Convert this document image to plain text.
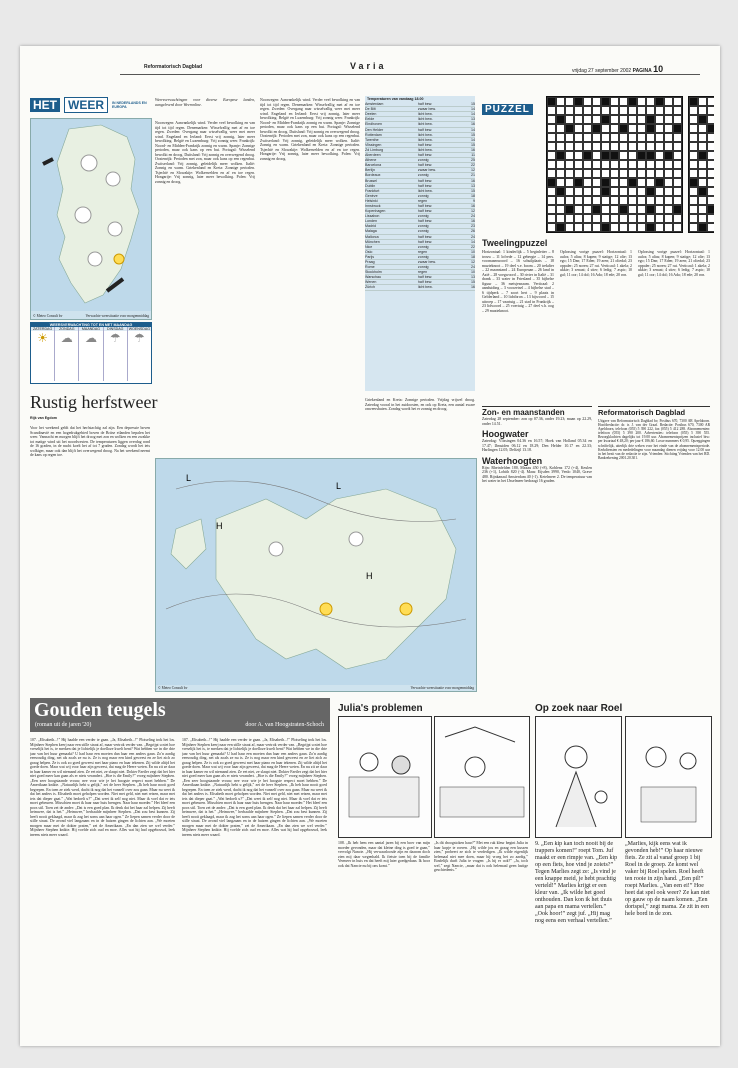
Reformatorisch Dagblad	Varia	vrijdag 27 september 2002 PAGINA 10
HET WEER IN NEDERLANDS EN EUROPA
© Meteo Consult bv	Verwachte weersituatie voor morgenmiddag
WEERSVERWACHTING TOT EN MET MAANDAG
ZATERDAG
☀
ZONDAG
☁
MAANDAG
☁
DINSDAG
☂
WOENSDAG
☂
Rustig herfstweer
Rijk van Egdom
Voor het weekend geldt dat het herfstachtig zal zijn. Een depressie boven Scandinavië en een hogedrukgebied boven de Britse eilanden bepalen het weer. Vannacht en morgen blijft het droog met zon en wolken en een zwakke tot matige wind uit het noordwesten. De temperaturen liggen overdag rond de 16 graden, in de nacht koelt het af tot 7 graden. Zondag wordt het iets wolkiger, maar ook dan blijft het overwegend droog. Na het weekend neemt de kans op regen toe.
Weersverwachtingen voor diverse Europese landen, aangeleverd door Weeronline.
Noorwegen: Aanvankelijk wind. Verder veel bewolking en van tijd tot tijd regen. Denemarken: Wisselvallig met af en toe regen. Zweden: Overgang naar wisselvallig weer met meer wind. Engeland en Ierland: Eerst vrij zonnig, later meer bewolking. België en Luxemburg: Vrij zonnig weer. Frankrijk: Noord- en Midden-Frankrijk zonnig en warm. Spanje: Zonnige perioden, maar ook kans op een bui. Portugal: Wisselend bewolkt en droog. Duitsland: Vrij zonnig en overwegend droog. Oostenrijk: Perioden met zon, maar ook kans op een regenbui. Zwitserland: Vrij zonnig, geleidelijk meer wolken. Italië: Zonnig en warm. Griekenland en Kreta: Zonnige perioden. Tsjechië en Slowakije: Wolkenvelden en af en toe regen. Hongarije: Vrij zonnig, later meer bewolking. Polen: Vrij zonnig en droog.
Noorwegen: Aanvankelijk wind. Verder veel bewolking en van tijd tot tijd regen. Denemarken: Wisselvallig met af en toe regen. Zweden: Overgang naar wisselvallig weer met meer wind. Engeland en Ierland: Eerst vrij zonnig, later meer bewolking. België en Luxemburg: Vrij zonnig weer. Frankrijk: Noord- en Midden-Frankrijk zonnig en warm. Spanje: Zonnige perioden, maar ook kans op een bui. Portugal: Wisselend bewolkt en droog. Duitsland: Vrij zonnig en overwegend droog. Oostenrijk: Perioden met zon, maar ook kans op een regenbui. Zwitserland: Vrij zonnig, geleidelijk meer wolken. Italië: Zonnig en warm. Griekenland en Kreta: Zonnige perioden. Tsjechië en Slowakije: Wolkenvelden en af en toe regen. Hongarije: Vrij zonnig, later meer bewolking. Polen: Vrij zonnig en droog.
Temperaturen van vandaag 18.00
Amsterdam	half bew.	15
De Bilt	zwaar bew.	14
Deelen	licht bew.	14
Eelde	licht bew.	13
Eindhoven	licht bew.	16
Den Helder	half bew.	14
Rotterdam	licht bew.	15
Twenthe	licht bew.	14
Vlissingen	half bew.	15
Zd Limburg	licht bew.	16
Aberdeen	half bew.	11
Athene	zonnig	25
Barcelona	half bew.	22
Berlijn	zwaar bew.	12
Bordeaux	zonnig	21
Brussel	half bew.	16
Dublin	half bew.	13
Frankfurt	licht bew.	15
Genève	zonnig	18
Helsinki	regen	9
Innsbruck	half bew.	16
Kopenhagen	half bew.	12
Lissabon	zonnig	24
Londen	half bew.	16
Madrid	zonnig	23
Malaga	zonnig	26
Mallorca	half bew.	24
München	half bew.	14
Nice	zonnig	22
Oslo	regen	10
Parijs	zonnig	18
Praag	zwaar bew.	12
Rome	zonnig	24
Stockholm	regen	10
Warschau	half bew.	13
Wenen	half bew.	15
Zürich	licht bew.	16
Griekenland en Kreta: Zonnige perioden. Vrijdag vrijwel droog. Zaterdag vooral in het zuidoosten, en ook op Kreta, een aantal zware onweersbuien. Zondag wordt het er zonnig en droog.
L
H
L
H
© Meteo Consult bv	Verwachte weersituatie voor morgenmiddag
PUZZEL
Tweelingpuzzel
Horizontaal: 1 kinderlijk – 5 beginletter – 8 trouw – 11 lofrede – 12 gebergte – 14 pers. voornaamwoord – 16 schuilplaats – 18 muzieknoot – 19 deel v.e. boom – 20 trekdier – 22 maanstand – 24 Europeaan – 26 land in Azië – 28 voegwoord – 30 rivier in Italië – 31 drank – 33 water in Friesland – 35 bijbelse figuur – 36 meisjesnaam. Verticaal: 2 aanduiding – 3 voorzetsel – 4 bijbelse stad – 6 tijdperk – 7 soort hert – 9 plaats in Gelderland – 10 lichtbron – 13 bijwoord – 15 uitroep – 17 vaartuig – 21 stad in Frankrijk – 23 lidwoord – 25 voertuig – 27 deel v.h. oog – 29 muzieknoot.
Oplossing vorige puzzel: Horizontaal: 1 aulos; 5 alias; 8 kapen; 9 statige; 12 olie; 13 ego; 15 Dan; 17 Eden; 19 aren; 21 oliedal; 23 oppaler; 25 noren; 27 rui. Verticaal: 1 akela; 2 ukkie; 3 senaat; 4 stier; 6 ledig; 7 aspic; 10 gal; 11 oor; 14 dol; 16 Ada; 18 ede; 20 ron.
Oplossing vorige puzzel: Horizontaal: 1 aulos; 5 alias; 8 kapen; 9 statige; 12 olie; 13 ego; 15 Dan; 17 Eden; 19 aren; 21 oliedal; 23 oppaler; 25 noren; 27 rui. Verticaal: 1 akela; 2 ukkie; 3 senaat; 4 stier; 6 ledig; 7 aspic; 10 gal; 11 oor; 14 dol; 16 Ada; 18 ede; 20 ron.
Zon- en maanstanden
Zaterdag 28 september: zon op 07.36, onder 19.23; maan op 22.29, onder 14.51.
Hoogwater
Zaterdag: Vlissingen 04.36 en 16.57; Hoek van Holland 05.34 en 17.47; IJmuiden 06.12 en 18.29; Den Helder 10.17 en 22.33; Harlingen 12.05; Delfzijl 13.18.
Waterhoogten
Rijn: Rheinfelden 180, Maxau 450 (+8), Koblenz 172 (+4), Keulen 236 (+1), Lobith 820 (-4). Maas: Eijsden 3990, Venlo 1040, Grave 480. Rijnkanaal Amsterdam 40 (-1). Ketelmeer 2. De temperatuur van het water in het IJsselmeer bedraagt 16 graden.
Reformatorisch Dagblad
Uitgave van Reformatorisch Dagblad bv, Postbus 670, 7300 AR Apeldoorn. Hoofdredactie: dr. ir. J. van der Graaf. Redactie: Postbus 670, 7300 AR Apeldoorn, telefoon (055) 5 390 222, fax (055) 5 412 288. Abonnementen: telefoon (055) 5 390 200. Advertenties: telefoon (055) 5 390 555. Bezorgklachten dagelijks tot 19.00 uur. Abonnementsprijzen inclusief btw: per kwartaal € 48,20; per jaar € 186,60. Losse nummers € 0,95. Opzeggingen schriftelijk, uiterlijk drie weken voor het einde van de abonnementsperiode. Kerkdiensten en mededelingen voor maandag dienen vrijdag voor 12.00 uur in het bezit van de redactie te zijn. Vrienden: Stichting Vrienden van het RD. Bankrekening 2001.20.301.
Gouden teugels
(roman uit de jaren '20)	door A. van Hoogstraten-Schoch
107. „Elisabeth...!” Hij haalde een verder te gaan. „Ja, Elisabeth...!” Plotseling trok het los. Mijnheer Stephen keerj naar een stille straat af, maar vertrok verder van. „Begrijpt u niet hoe vreselijk het is, te merken dat je lichtelijk je doelloze kwelt bent? Wat hebben we in die drie jaar van het huur gemaakt? U had haar een moeten dan haar een anders gaan. Zo'n aardig eenvoudig ding, net als zoals ze nu is. Ze is nog maar een kind geweest en ze liet zich zo graag helpen. Ze is ook zo goed geweest met haar piano en haar tekenen. Zij wilde altijd het goede doen. Maar wat wij voor haar zijn geweest, dat mag de Heere weten. En nu zit ze daar in haar kamer en wil niemand zien. Ze eet niet, ze slaapt niet. Dokter Faeiler zegt dat het hier niet goed meer kan gaan als er niets verandert. „Hoe is die Emily?” vroeg mijnheer Stephen. „Een zeer hoogstaande vrouw, nee voor wie je het hoogste respect moet hebben.” De Amerikaan knikte. „Natuurlijk hebt u gelijk,” zei de heer Stephen. „Ik heb haar nooit goed begrepen. En toen ze ziek werd, dacht ik nog dat het vanzelf over zou gaan. Maar nu weet ik dat het anders is. Elisabeth moet geholpen worden. Niet met geld, niet met reizen, maar met iets dat dieper gaat.” „Wat bedoelt u?” „Dat weet ik zelf nog niet. Maar ik voel dat er iets moet gebeuren. Misschien moet ik haar naar huis brengen. Naar haar moeder.” Het bleef een poos stil. Toen zei de ander: „Dat is een goed plan. Ik denk dat het haar zal helpen. Zij heeft heimwee, dat is het.” „Heimwee,” herhaalde mijnheer Stephen. „Dat zou best kunnen. Zij heeft nooit geklaagd, maar ik zag het soms aan haar ogen.” Ze liepen samen verder door de stille straat. De avond viel langzaam en in de huizen gingen de lichten aan. „We moeten morgen maar met de dokter praten,” zei de Amerikaan. „En dan zien we wel verder.” Mijnheer Stephen knikte. Hij voelde zich oud en moe. Alles wat hij had opgebouwd, leek ineens niets meer waard.
107. „Elisabeth...!” Hij haalde een verder te gaan. „Ja, Elisabeth...!” Plotseling trok het los. Mijnheer Stephen keerj naar een stille straat af, maar vertrok verder van. „Begrijpt u niet hoe vreselijk het is, te merken dat je lichtelijk je doelloze kwelt bent? Wat hebben we in die drie jaar van het huur gemaakt? U had haar een moeten dan haar een anders gaan. Zo'n aardig eenvoudig ding, net als zoals ze nu is. Ze is nog maar een kind geweest en ze liet zich zo graag helpen. Ze is ook zo goed geweest met haar piano en haar tekenen. Zij wilde altijd het goede doen. Maar wat wij voor haar zijn geweest, dat mag de Heere weten. En nu zit ze daar in haar kamer en wil niemand zien. Ze eet niet, ze slaapt niet. Dokter Faeiler zegt dat het hier niet goed meer kan gaan als er niets verandert. „Hoe is die Emily?” vroeg mijnheer Stephen. „Een zeer hoogstaande vrouw, nee voor wie je het hoogste respect moet hebben.” De Amerikaan knikte. „Natuurlijk hebt u gelijk,” zei de heer Stephen. „Ik heb haar nooit goed begrepen. En toen ze ziek werd, dacht ik nog dat het vanzelf over zou gaan. Maar nu weet ik dat het anders is. Elisabeth moet geholpen worden. Niet met geld, niet met reizen, maar met iets dat dieper gaat.” „Wat bedoelt u?” „Dat weet ik zelf nog niet. Maar ik voel dat er iets moet gebeuren. Misschien moet ik haar naar huis brengen. Naar haar moeder.” Het bleef een poos stil. Toen zei de ander: „Dat is een goed plan. Ik denk dat het haar zal helpen. Zij heeft heimwee, dat is het.” „Heimwee,” herhaalde mijnheer Stephen. „Dat zou best kunnen. Zij heeft nooit geklaagd, maar ik zag het soms aan haar ogen.” Ze liepen samen verder door de stille straat. De avond viel langzaam en in de huizen gingen de lichten aan. „We moeten morgen maar met de dokter praten,” zei de Amerikaan. „En dan zien we wel verder.” Mijnheer Stephen knikte. Hij voelde zich oud en moe. Alles wat hij had opgebouwd, leek ineens niets meer waard.
Julia's problemen
108. „Ik heb hem een aantal jaren bij een boer van mijn moeder gevonden, maar dat kleine ding is goed te gaan,” vervolgt Nancie. „Hij verwaarloosde zijn en daarom doch zien mij daar wegenhald. Ik fietste toen bij de familie Vermeer in huis en dat heeft mij later goedgedaan. Ik hoor ook dat Nancie nu bij ons komt.”
„Is dit droogstoken haar?” Met een ruk kleur begint Julia in haar kopje te roeren. „Hij wilde jou en graag een kussen zien,” probeert ze zich te verdedigen. „Ik wilde eigenlijk helemaal niet mee doen, maar hij vroeg het zo aardig.” Eindelijk durft Julia te vragen: „Is hij er ook?” „Ja, toch wel,” zegt Nancie, „maar dat is ook helemaal geen lastige geschiedenis.”
Op zoek naar Roel
9. „Een kip kan toch nooit bij de trappers komen!” roept Tom. Juf maakt er een rimpje van. „Een kip op een fiets, hoe vind je zoiets?” Tegen Marlies zegt ze: „Is vind je een knappe meid, je hebt prachtig verteld!” Marlies krijgt er een kleur van. „Ik wilde het goed onthouden. Dan kon ik het thuis aan papa en mama vertellen.” „Ook hoor!” zegt juf. „Hij mag nog eens een verhaal vertellen.”
„Marlies, kijk eens wat ik gevonden heb!” Op haar nieuwe fiets. Ze zit al vanaf groep 1 bij Roel in de groep. Ze komt wel vaker bij Roel spelen. Roel heeft ten rooie in zijn hand. „Een pil!” roept Marlies. „Van een ei!” Hoe heet dat spel ook weer? Ze kan niet op gauw op de naam komen. „Een dortspel,” zegt mama. Ze zit in een hele bord in de zon.
